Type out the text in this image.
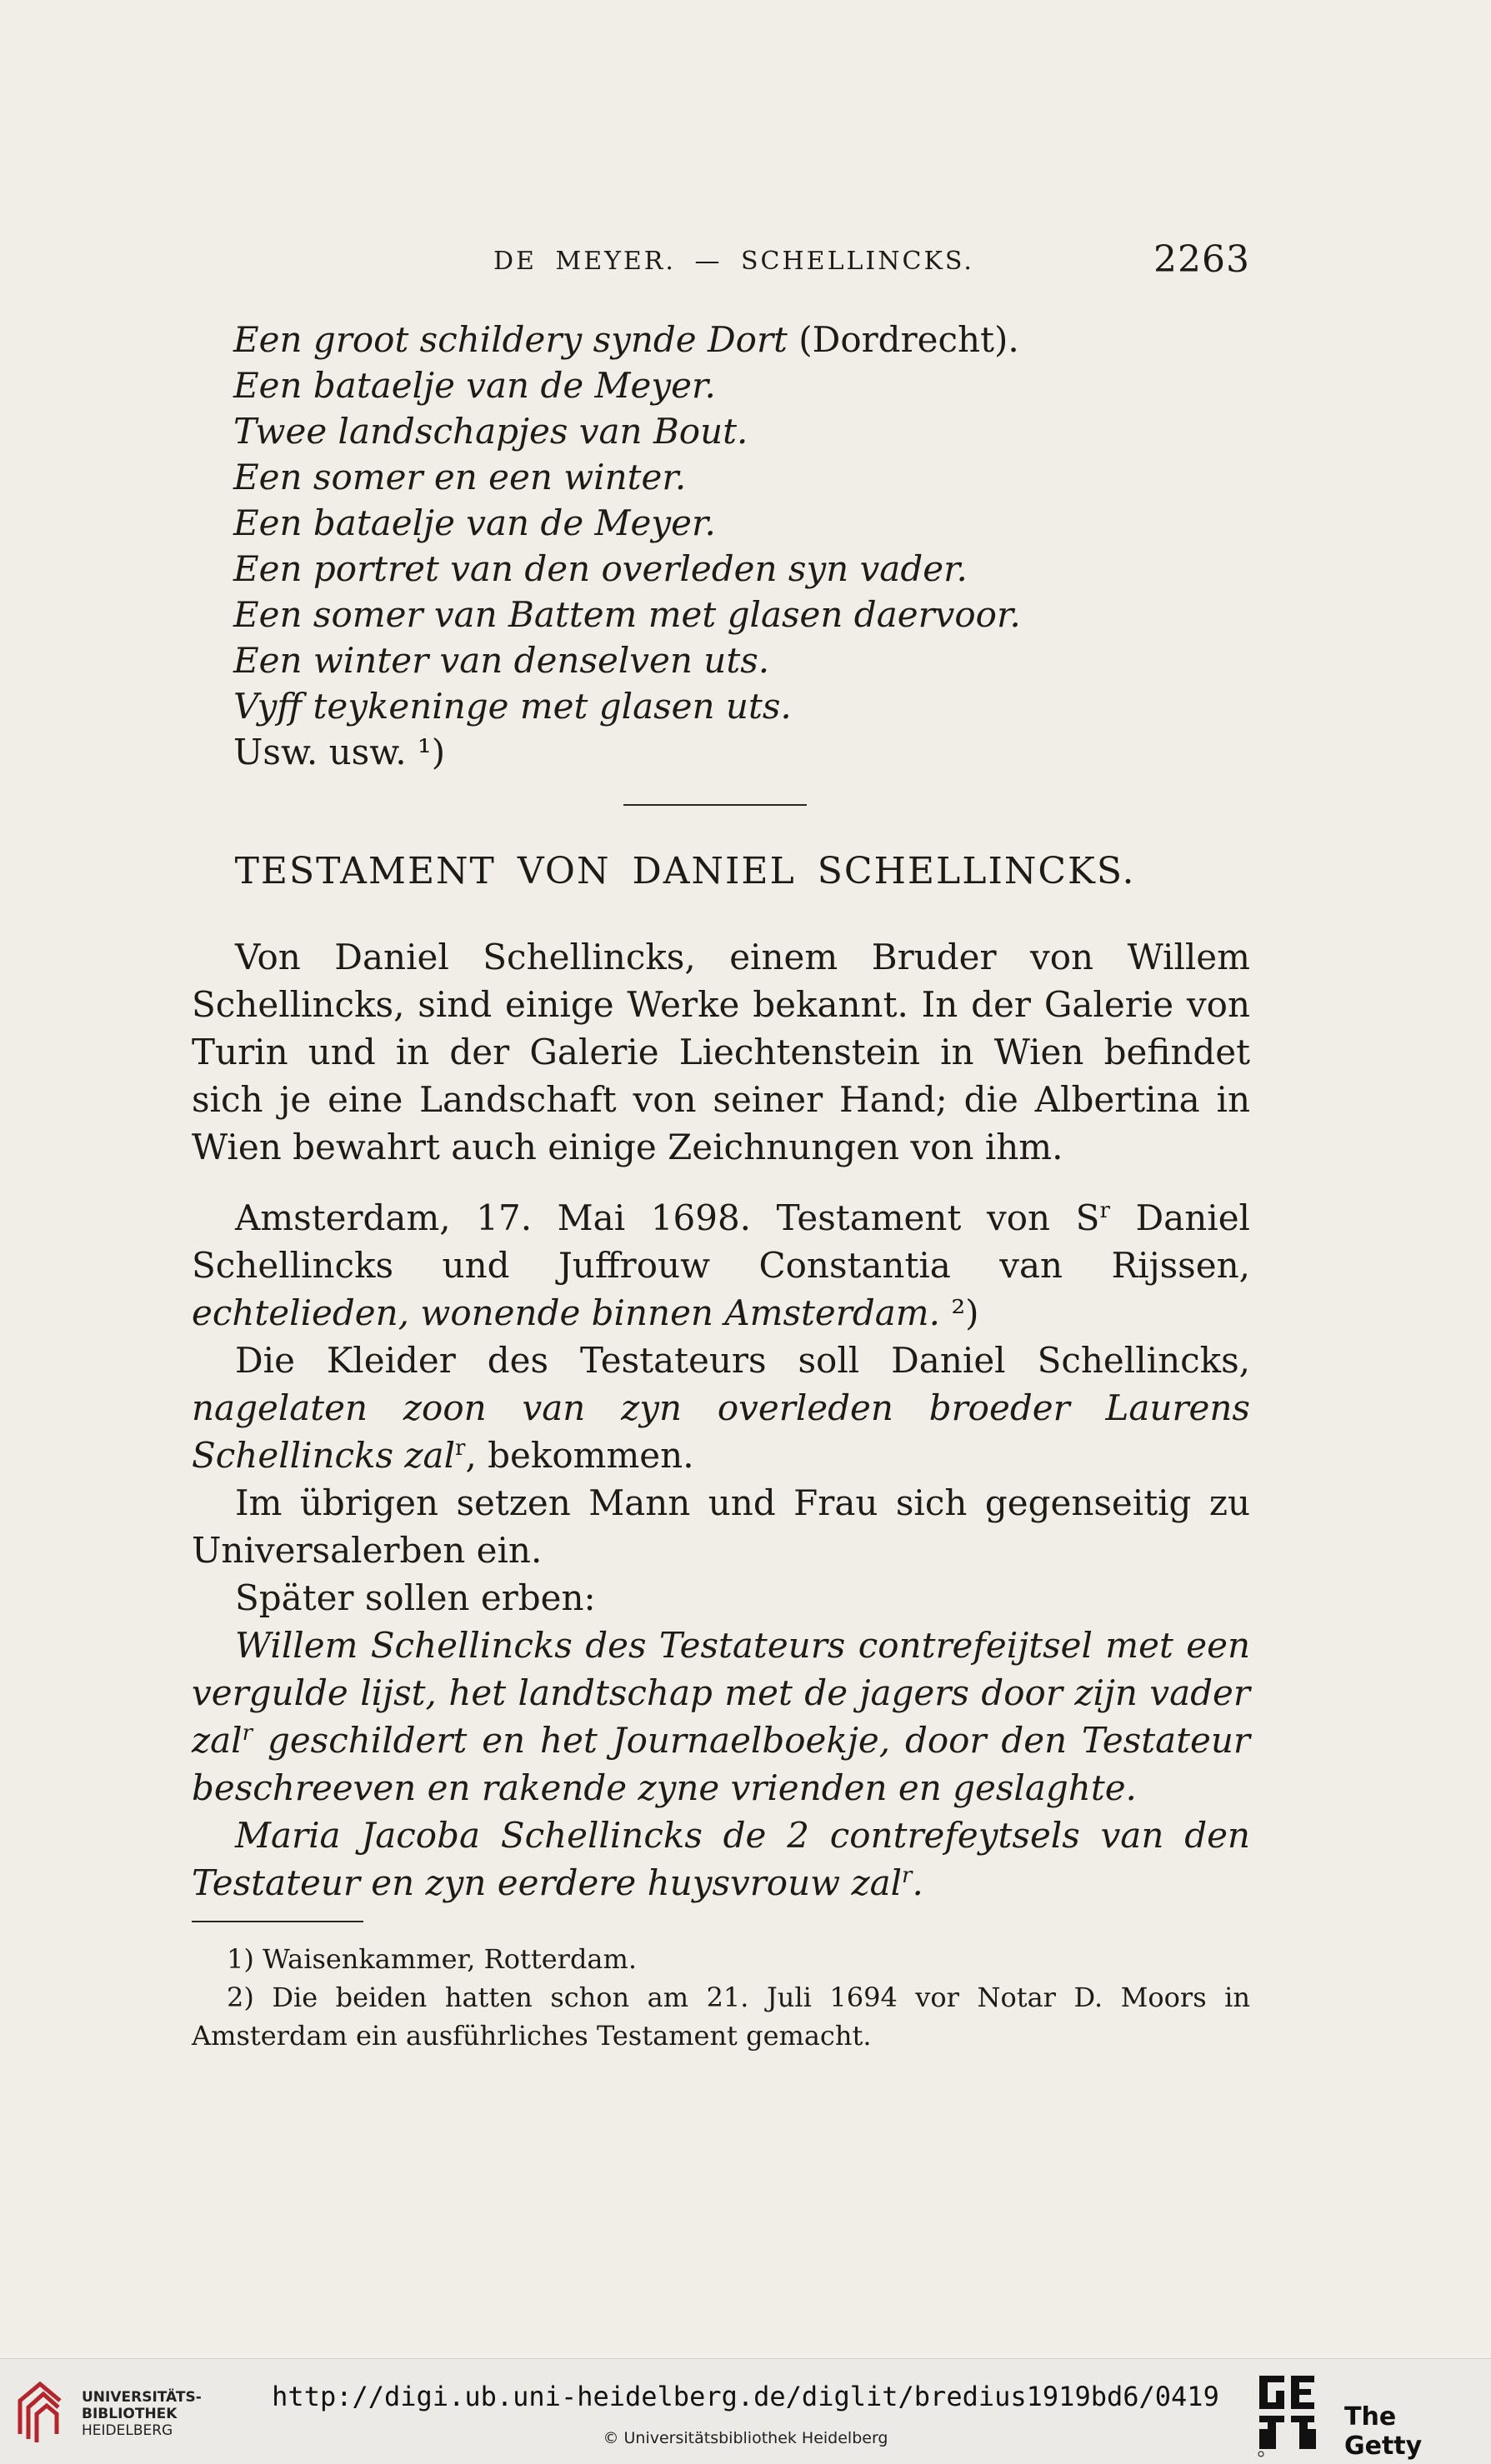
DE MEYER. — SCHELLINCKS.	2263
Een groot schildery synde Dort (Dordrecht).
Een bataelje van de Meyer.
Twee landschapjes van Bout.
Een somer en een winter.
Een bataelje van de Meyer.
Een portret van den overleden syn vader.
Een somer van Battem met glasen daervoor.
Een winter van denselven uts.
Vyff teykeninge met glasen uts.
Usw. usw. ¹)
TESTAMENT VON DANIEL SCHELLINCKS.

Von Daniel Schellincks, einem Bruder von Willem Schellincks, sind einige Werke bekannt. In der Galerie von Turin und in der Galerie Liechtenstein in Wien befindet sich je eine Landschaft von seiner Hand; die Albertina in Wien bewahrt auch einige Zeichnungen von ihm.

Amsterdam, 17. Mai 1698. Testament von $S^r$ Daniel Schellincks und Juffrouw Constantia van Rijssen, echtelieden, wonende binnen Amsterdam. ²)

Die Kleider des Testateurs soll Daniel Schellincks, nagelaten zoon van zyn overleden broeder Laurens Schellincks zal$^r$, bekommen.

Im übrigen setzen Mann und Frau sich gegenseitig zu Universalerben ein.

Später sollen erben:

Willem Schellincks des Testateurs contrefeijtsel met een vergulde lijst, het landtschap met de jagers door zijn vader zal$^r$ geschildert en het Journaelboekje, door den Testateur beschreeven en rakende zyne vrienden en geslaghte.

Maria Jacoba Schellincks de 2 contrefeytsels van den Testateur en zyn eerdere huysvrouw zal$^r$.

1) Waisenkammer, Rotterdam.

2) Die beiden hatten schon am 21. Juli 1694 vor Notar D. Moors in Amsterdam ein ausführliches Testament gemacht.

UNIVERSITÄTS-
BIBLIOTHEK
HEIDELBERG
http://digi.ub.uni-heidelberg.de/diglit/bredius1919bd6/0419
© Universitätsbibliothek Heidelberg
The Getty
